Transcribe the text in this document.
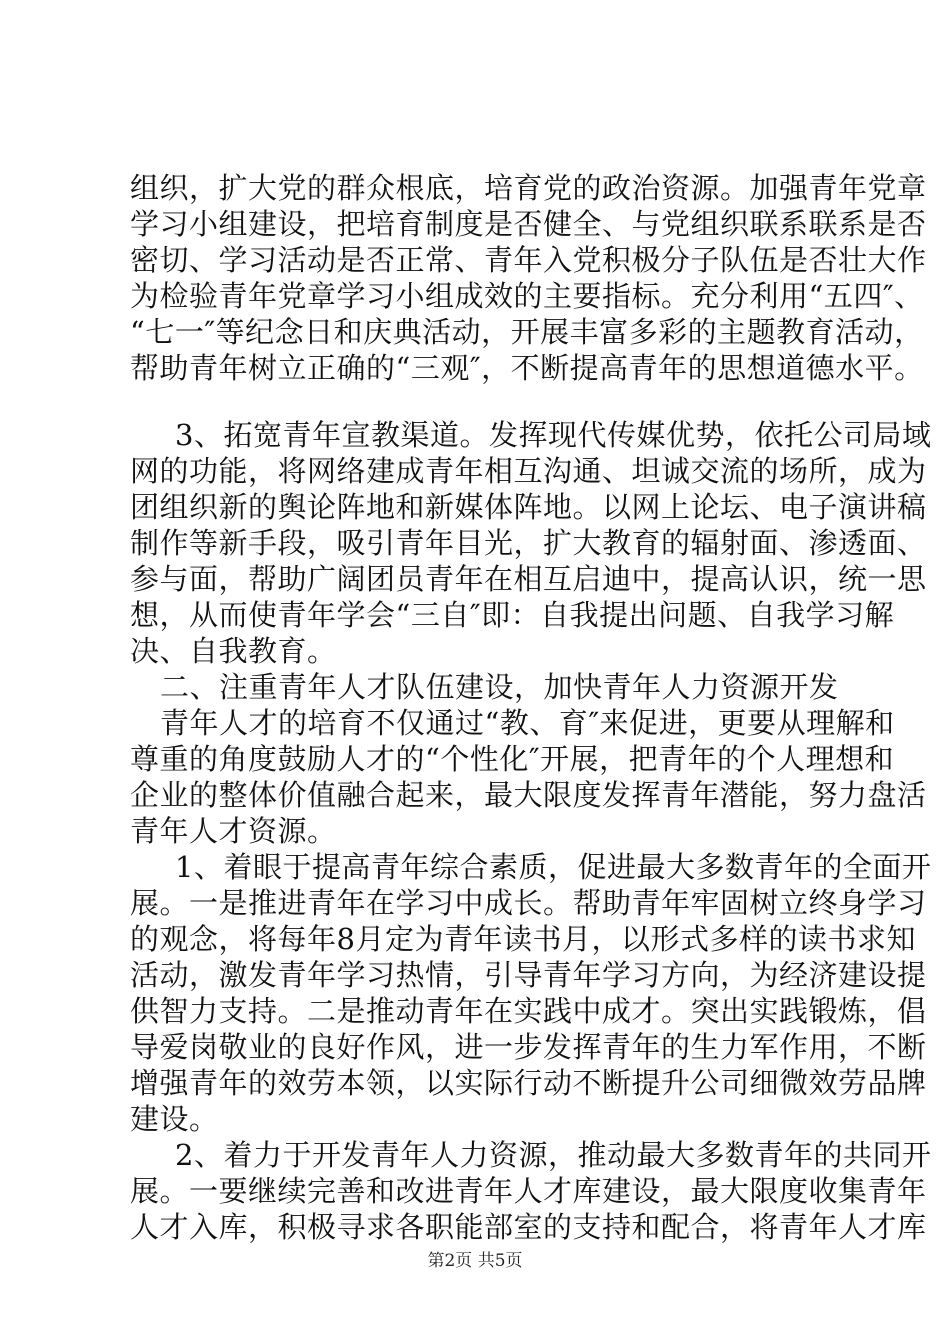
组织，扩大党的群众根底，培育党的政治资源。加强青年党章
学习小组建设，把培育制度是否健全、与党组织联系联系是否
密切、学习活动是否正常、青年入党积极分子队伍是否壮大作
为检验青年党章学习小组成效的主要指标。充分利用“五四″、
“七一″等纪念日和庆典活动，开展丰富多彩的主题教育活动，
帮助青年树立正确的“三观″，不断提高青年的思想道德水平。
3、拓宽青年宣教渠道。发挥现代传媒优势，依托公司局域
网的功能，将网络建成青年相互沟通、坦诚交流的场所，成为
团组织新的舆论阵地和新媒体阵地。以网上论坛、电子演讲稿
制作等新手段，吸引青年目光，扩大教育的辐射面、渗透面、
参与面，帮助广阔团员青年在相互启迪中，提高认识，统一思
想，从而使青年学会“三自″即：自我提出问题、自我学习解
决、自我教育。
二、注重青年人才队伍建设，加快青年人力资源开发
青年人才的培育不仅通过“教、育″来促进，更要从理解和
尊重的角度鼓励人才的“个性化″开展，把青年的个人理想和
企业的整体价值融合起来，最大限度发挥青年潜能，努力盘活
青年人才资源。
1、着眼于提高青年综合素质，促进最大多数青年的全面开
展。一是推进青年在学习中成长。帮助青年牢固树立终身学习
的观念，将每年8月定为青年读书月，以形式多样的读书求知
活动，激发青年学习热情，引导青年学习方向，为经济建设提
供智力支持。二是推动青年在实践中成才。突出实践锻炼，倡
导爱岗敬业的良好作风，进一步发挥青年的生力军作用，不断
增强青年的效劳本领，以实际行动不断提升公司细微效劳品牌
建设。
2、着力于开发青年人力资源，推动最大多数青年的共同开
展。一要继续完善和改进青年人才库建设，最大限度收集青年
人才入库，积极寻求各职能部室的支持和配合，将青年人才库
第2页 共5页
